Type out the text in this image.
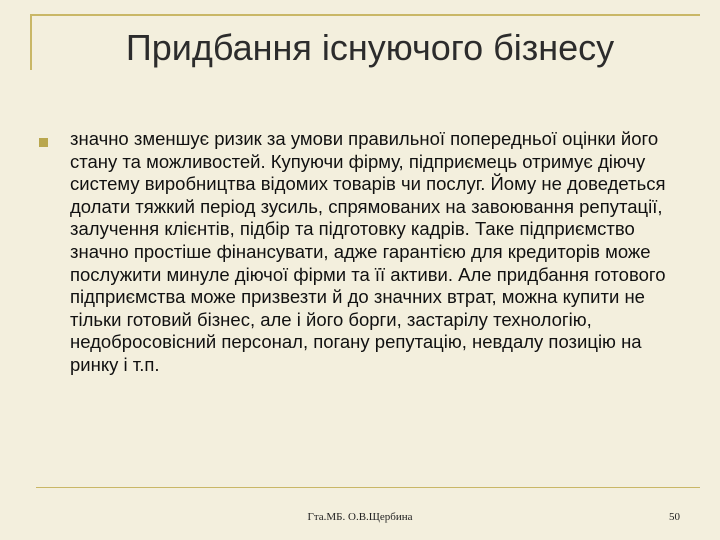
Придбання існуючого бізнесу
значно зменшує ризик за умови правильної попередньої оцінки його стану та можливостей. Купуючи фірму, підприємець отримує діючу систему виробництва відомих товарів чи послуг. Йому не доведеться долати тяжкий період зусиль, спрямованих на завоювання репутації, залучення клієнтів, підбір та підготовку кадрів. Таке підприємство значно простіше фінансувати, адже гарантією для кредиторів може послужити минуле діючої фірми та її активи. Але придбання готового підприємства може призвезти й до значних втрат, можна купити не тільки готовий бізнес, але і його борги, застарілу технологію, недобросовісний персонал, погану репутацію, невдалу позицію на ринку і т.п.
Гта.МБ. О.В.Щербина	50
